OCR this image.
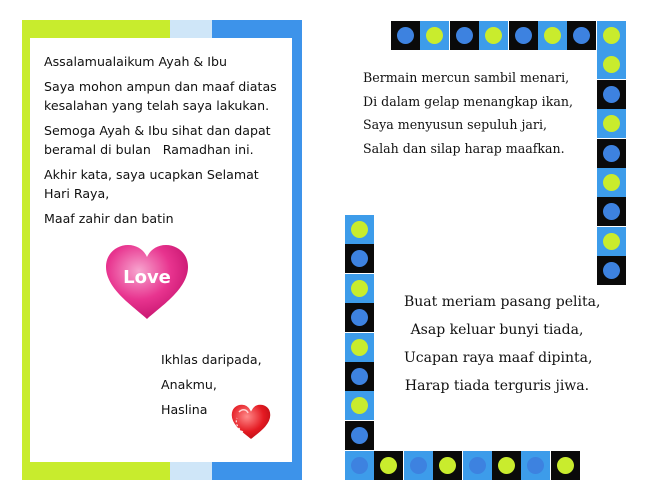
Assalamualaikum Ayah & Ibu

Saya mohon ampun dan maaf diatas kesalahan yang telah saya lakukan.

Semoga Ayah & Ibu sihat dan dapat beramal di bulan   Ramadhan ini.

Akhir kata, saya ucapkan Selamat Hari Raya,

Maaf zahir dan batin

Love
Ikhlas daripada,
Anakmu,
Haslina
Bermain mercun sambil menari,
Di dalam gelap menangkap ikan,
Saya menyusun sepuluh jari,
Salah dan silap harap maafkan.
Buat meriam pasang pelita,
Asap keluar bunyi tiada,
Ucapan raya maaf dipinta,
Harap tiada terguris jiwa.
